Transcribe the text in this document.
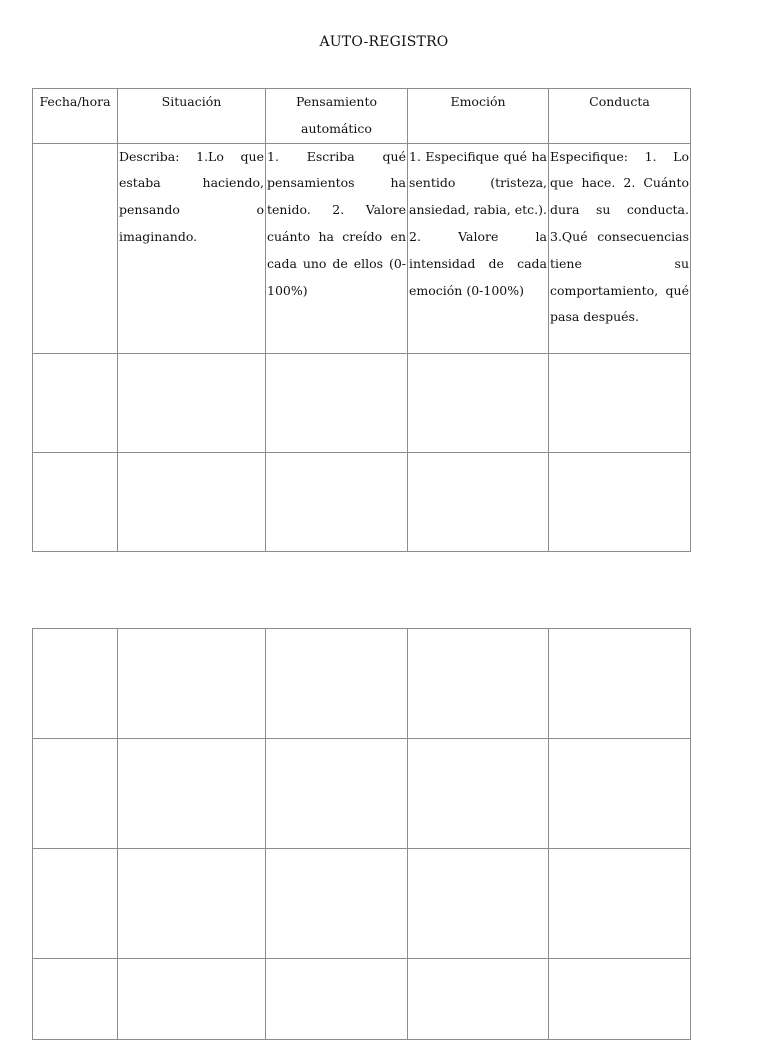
AUTO-REGISTRO
Fecha/hora	Situación	Pensamiento automático	Emoción	Conducta

	Describa: 1.Lo que estaba haciendo, pensando o imaginando.	1. Escriba qué pensamientos ha tenido. 2. Valore cuánto ha creído en cada uno de ellos (0-100%)	1. Especifique qué ha sentido (tristeza, ansiedad, rabia, etc.). 2. Valore la intensidad de cada emoción (0-100%)	Especifique: 1. Lo que hace. 2. Cuánto dura su conducta. 3.Qué consecuencias tiene su comportamiento, qué pasa después.
